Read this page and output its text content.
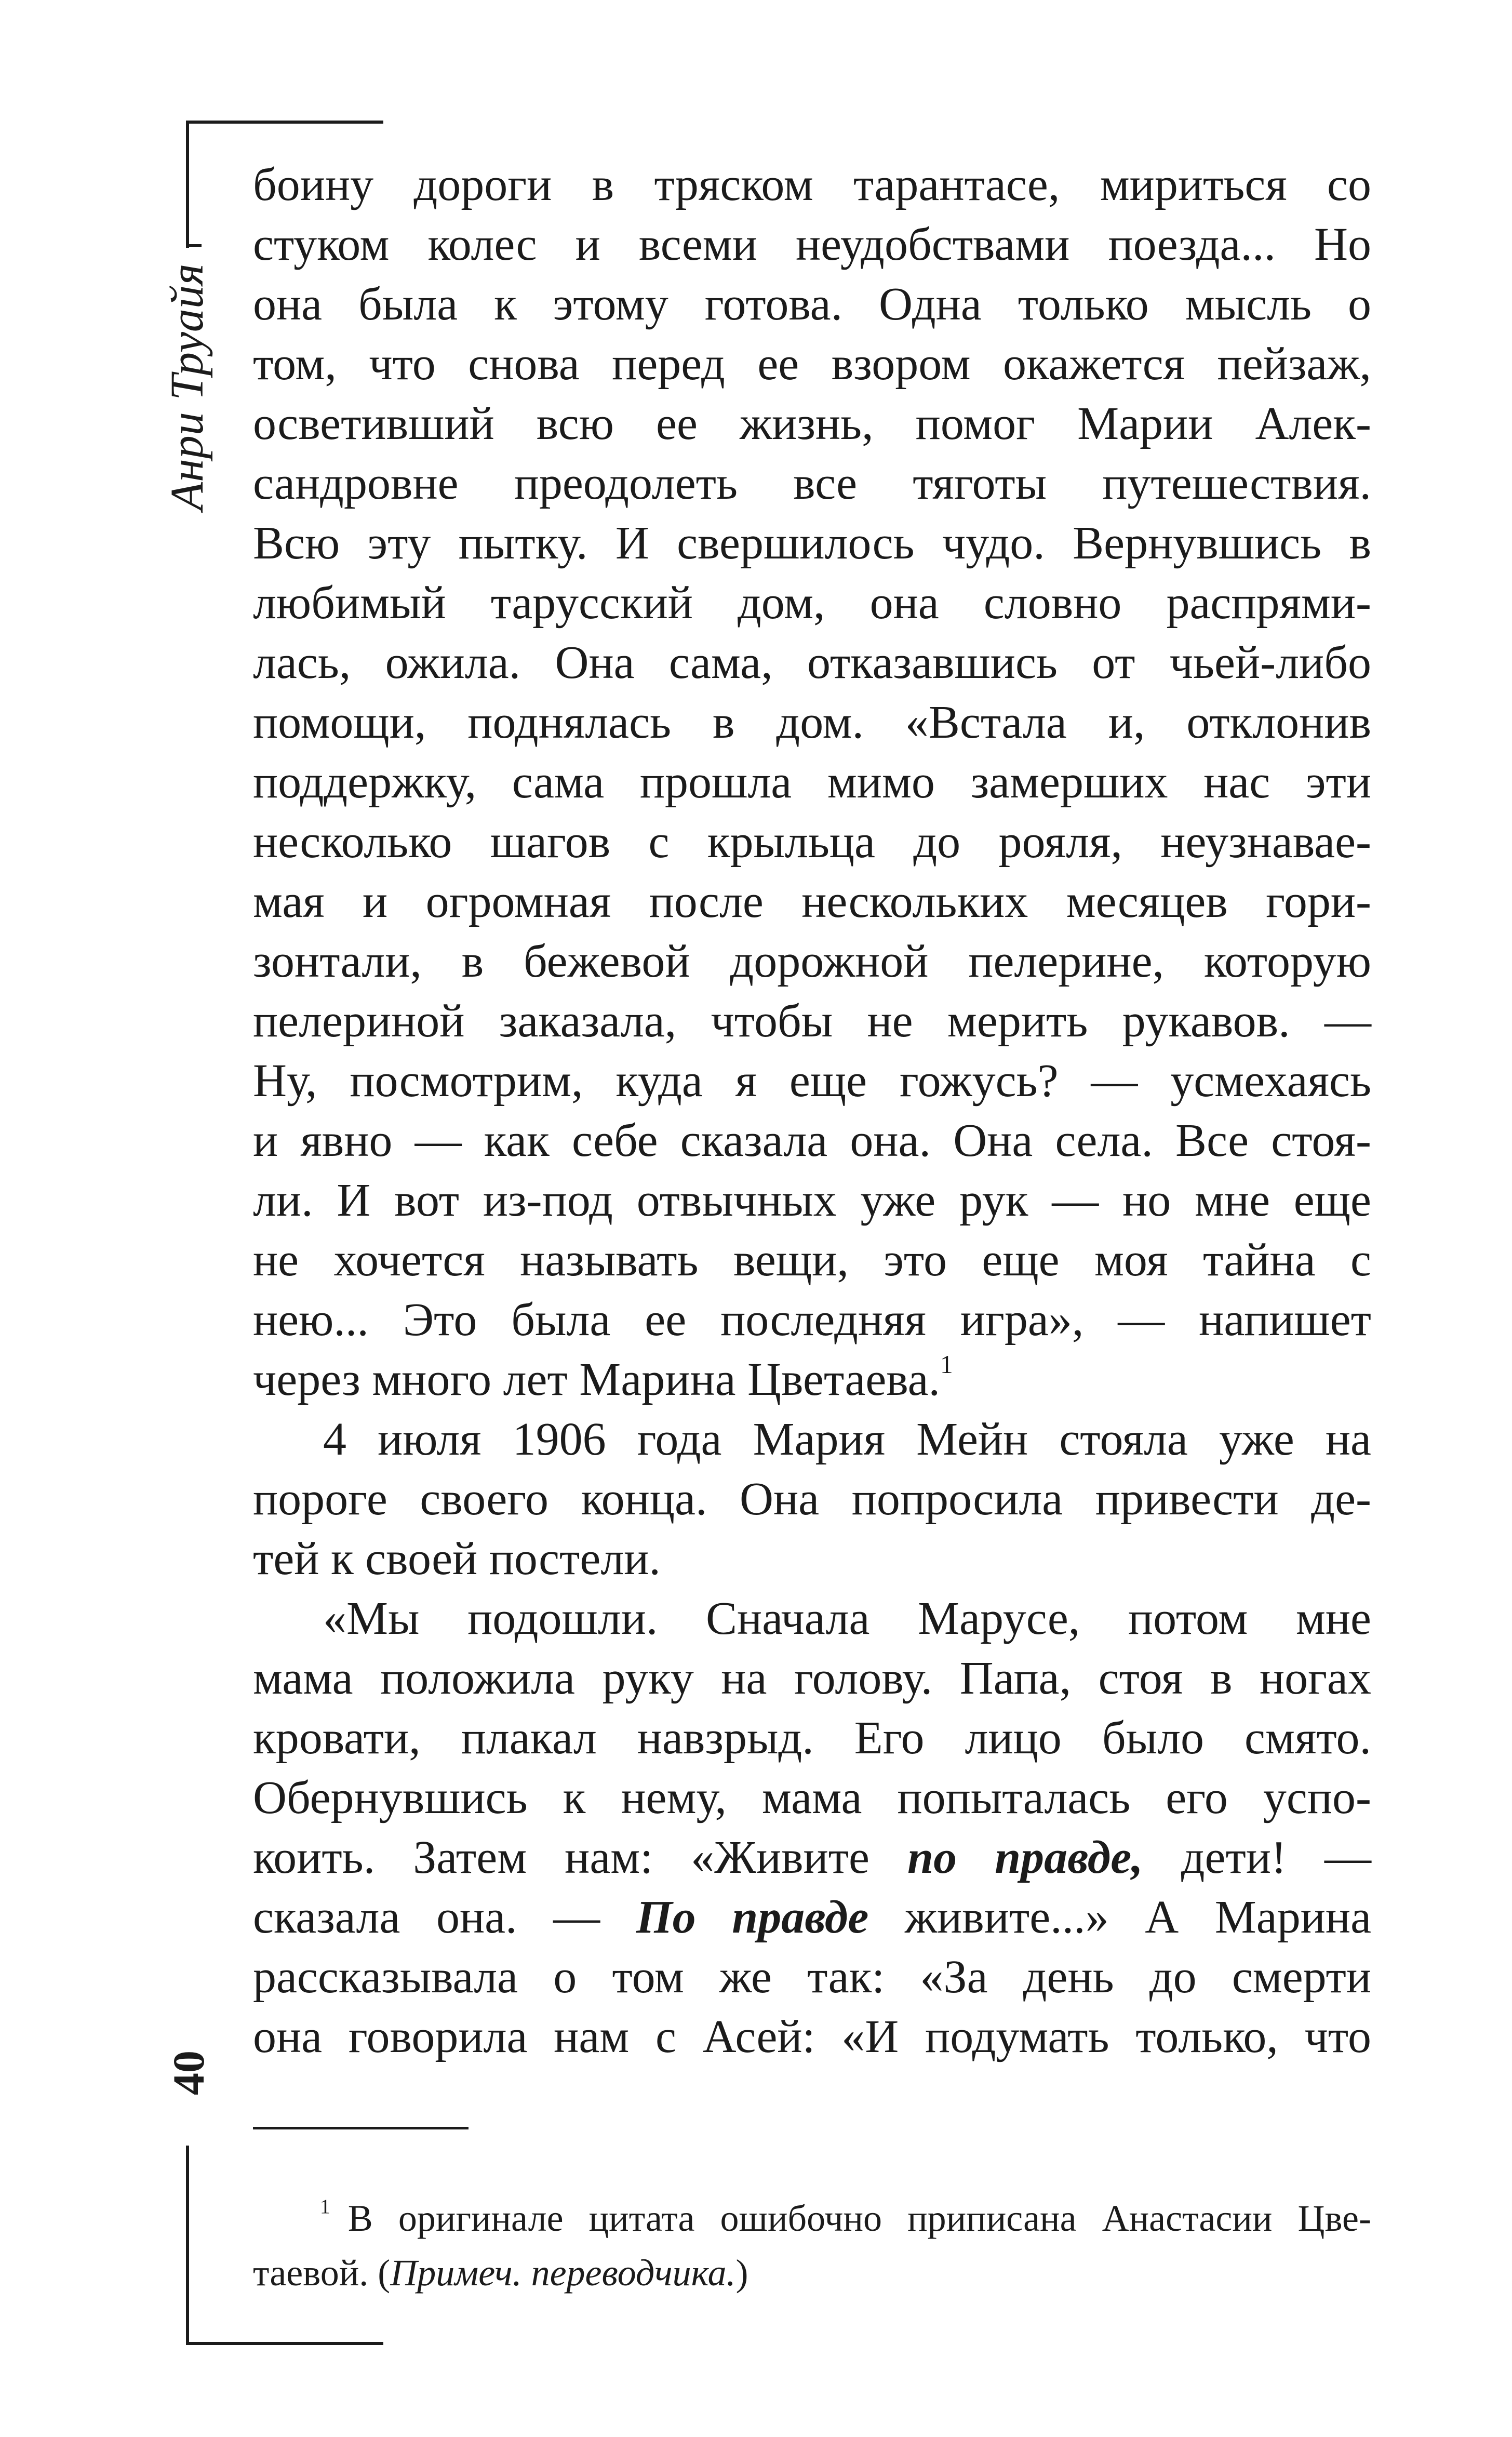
Анри Труайя
боину дороги в тряском тарантасе, мириться со
стуком колес и всеми неудобствами поезда... Но
она была к этому готова. Одна только мысль о
том, что снова перед ее взором окажется пейзаж,
осветивший всю ее жизнь, помог Марии Алек-
сандровне преодолеть все тяготы путешествия.
Всю эту пытку. И свершилось чудо. Вернувшись в
любимый тарусский дом, она словно распрями-
лась, ожила. Она сама, отказавшись от чьей-либо
помощи, поднялась в дом. «Встала и, отклонив
поддержку, сама прошла мимо замерших нас эти
несколько шагов с крыльца до рояля, неузнавае-
мая и огромная после нескольких месяцев гори-
зонтали, в бежевой дорожной пелерине, которую
пелериной заказала, чтобы не мерить рукавов. —
Ну, посмотрим, куда я еще гожусь? — усмехаясь
и явно — как себе сказала она. Она села. Все стоя-
ли. И вот из-под отвычных уже рук — но мне еще
не хочется называть вещи, это еще моя тайна с
нею... Это была ее последняя игра», — напишет
через много лет Марина Цветаева.$^1$
4 июля 1906 года Мария Мейн стояла уже на
пороге своего конца. Она попросила привести де-
тей к своей постели.
«Мы подошли. Сначала Марусе, потом мне
мама положила руку на голову. Папа, стоя в ногах
кровати, плакал навзрыд. Его лицо было смято.
Обернувшись к нему, мама попыталась его успо-
коить. Затем нам: «Живите по правде, дети! —
сказала она. — По правде живите...» А Марина
рассказывала о том же так: «За день до смерти
она говорила нам с Асей: «И подумать только, что
40
$^1$ В оригинале цитата ошибочно приписана Анастасии Цве-
таевой. (Примеч. переводчика.)
